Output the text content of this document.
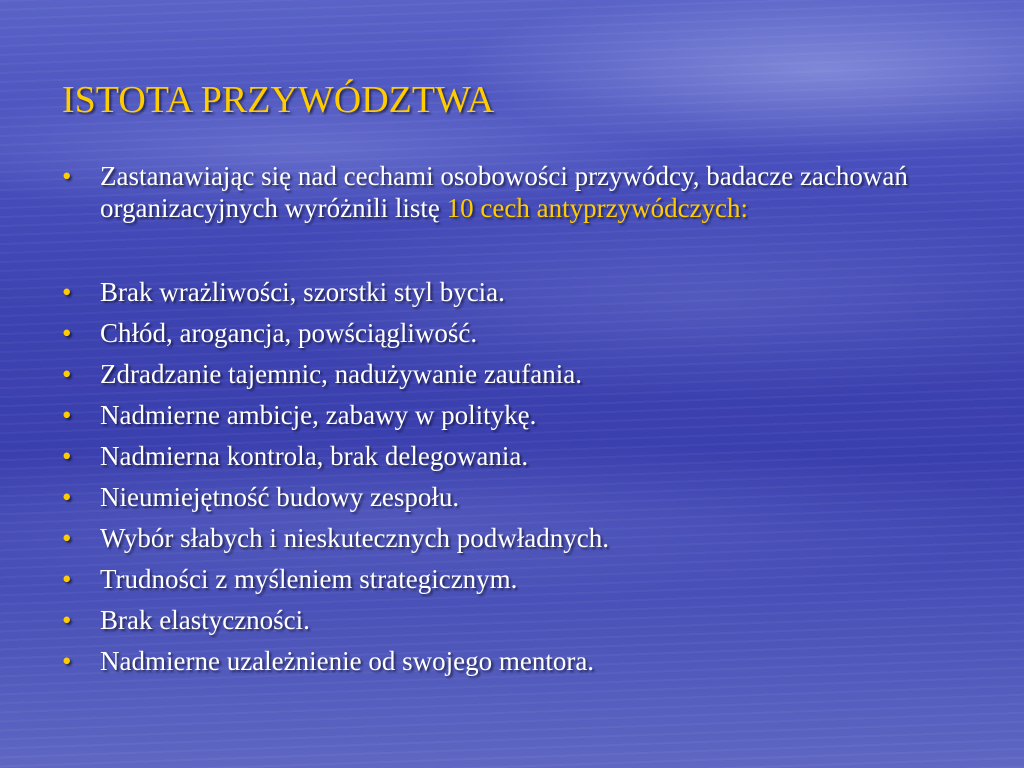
ISTOTA PRZYWÓDZTWA
• Zastanawiając się nad cechami osobowości przywódcy, badacze zachowań organizacyjnych wyróżnili listę 10 cech antyprzywódczych:
• Brak wrażliwości, szorstki styl bycia.
• Chłód, arogancja, powściągliwość.
• Zdradzanie tajemnic, nadużywanie zaufania.
• Nadmierne ambicje, zabawy w politykę.
• Nadmierna kontrola, brak delegowania.
• Nieumiejętność budowy zespołu.
• Wybór słabych i nieskutecznych podwładnych.
• Trudności z myśleniem strategicznym.
• Brak elastyczności.
• Nadmierne uzależnienie od swojego mentora.
